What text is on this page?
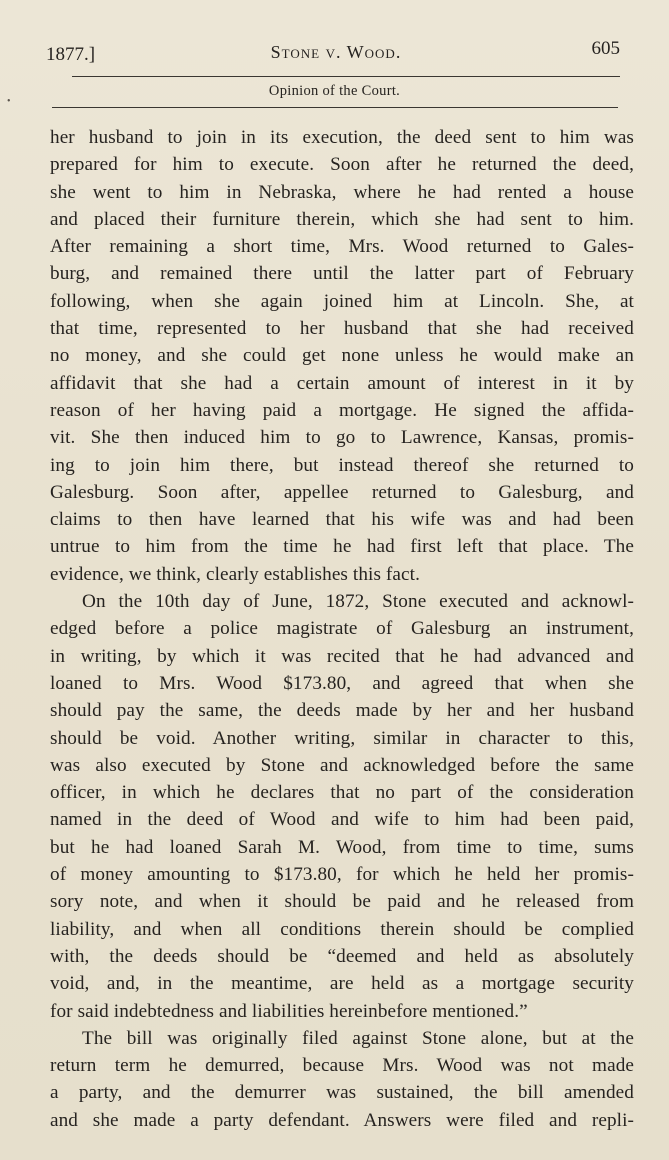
1877.]	Stone v. Wood.	605
Opinion of the Court.
•
her husband to join in its execution, the deed sent to him was
prepared for him to execute. Soon after he returned the deed,
she went to him in Nebraska, where he had rented a house
and placed their furniture therein, which she had sent to him.
After remaining a short time, Mrs. Wood returned to Gales-
burg, and remained there until the latter part of February
following, when she again joined him at Lincoln. She, at
that time, represented to her husband that she had received
no money, and she could get none unless he would make an
affidavit that she had a certain amount of interest in it by
reason of her having paid a mortgage. He signed the affida-
vit. She then induced him to go to Lawrence, Kansas, promis-
ing to join him there, but instead thereof she returned to
Galesburg. Soon after, appellee returned to Galesburg, and
claims to then have learned that his wife was and had been
untrue to him from the time he had first left that place. The
evidence, we think, clearly establishes this fact.
On the 10th day of June, 1872, Stone executed and acknowl-
edged before a police magistrate of Galesburg an instrument,
in writing, by which it was recited that he had advanced and
loaned to Mrs. Wood $173.80, and agreed that when she
should pay the same, the deeds made by her and her husband
should be void. Another writing, similar in character to this,
was also executed by Stone and acknowledged before the same
officer, in which he declares that no part of the consideration
named in the deed of Wood and wife to him had been paid,
but he had loaned Sarah M. Wood, from time to time, sums
of money amounting to $173.80, for which he held her promis-
sory note, and when it should be paid and he released from
liability, and when all conditions therein should be complied
with, the deeds should be “deemed and held as absolutely
void, and, in the meantime, are held as a mortgage security
for said indebtedness and liabilities hereinbefore mentioned.”
The bill was originally filed against Stone alone, but at the
return term he demurred, because Mrs. Wood was not made
a party, and the demurrer was sustained, the bill amended
and she made a party defendant. Answers were filed and repli-
